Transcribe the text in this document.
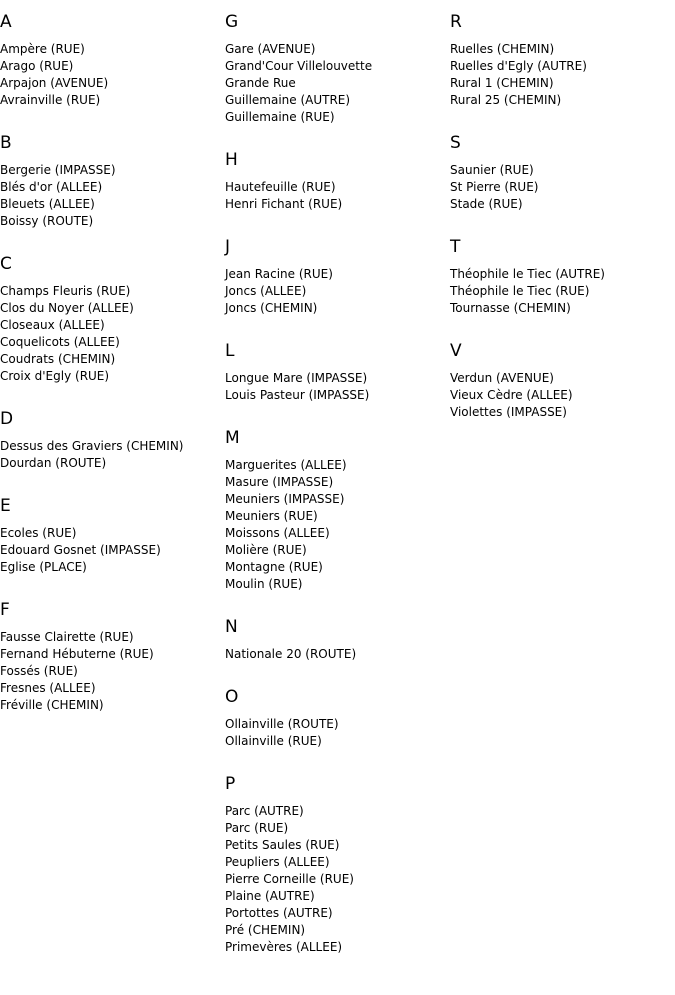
A
Ampère (RUE)
Arago (RUE)
Arpajon (AVENUE)
Avrainville (RUE)
B
Bergerie (IMPASSE)
Blés d'or (ALLEE)
Bleuets (ALLEE)
Boissy (ROUTE)
C
Champs Fleuris (RUE)
Clos du Noyer (ALLEE)
Closeaux (ALLEE)
Coquelicots (ALLEE)
Coudrats (CHEMIN)
Croix d'Egly (RUE)
D
Dessus des Graviers (CHEMIN)
Dourdan (ROUTE)
E
Ecoles (RUE)
Edouard Gosnet (IMPASSE)
Eglise (PLACE)
F
Fausse Clairette (RUE)
Fernand Hébuterne (RUE)
Fossés (RUE)
Fresnes (ALLEE)
Fréville (CHEMIN)
G
Gare (AVENUE)
Grand'Cour Villelouvette
Grande Rue
Guillemaine (AUTRE)
Guillemaine (RUE)
H
Hautefeuille (RUE)
Henri Fichant (RUE)
J
Jean Racine (RUE)
Joncs (ALLEE)
Joncs (CHEMIN)
L
Longue Mare (IMPASSE)
Louis Pasteur (IMPASSE)
M
Marguerites (ALLEE)
Masure (IMPASSE)
Meuniers (IMPASSE)
Meuniers (RUE)
Moissons (ALLEE)
Molière (RUE)
Montagne (RUE)
Moulin (RUE)
N
Nationale 20 (ROUTE)
O
Ollainville (ROUTE)
Ollainville (RUE)
P
Parc (AUTRE)
Parc (RUE)
Petits Saules (RUE)
Peupliers (ALLEE)
Pierre Corneille (RUE)
Plaine (AUTRE)
Portottes (AUTRE)
Pré (CHEMIN)
Primevères (ALLEE)
R
Ruelles (CHEMIN)
Ruelles d'Egly (AUTRE)
Rural 1 (CHEMIN)
Rural 25 (CHEMIN)
S
Saunier (RUE)
St Pierre (RUE)
Stade (RUE)
T
Théophile le Tiec (AUTRE)
Théophile le Tiec (RUE)
Tournasse (CHEMIN)
V
Verdun (AVENUE)
Vieux Cèdre (ALLEE)
Violettes (IMPASSE)
